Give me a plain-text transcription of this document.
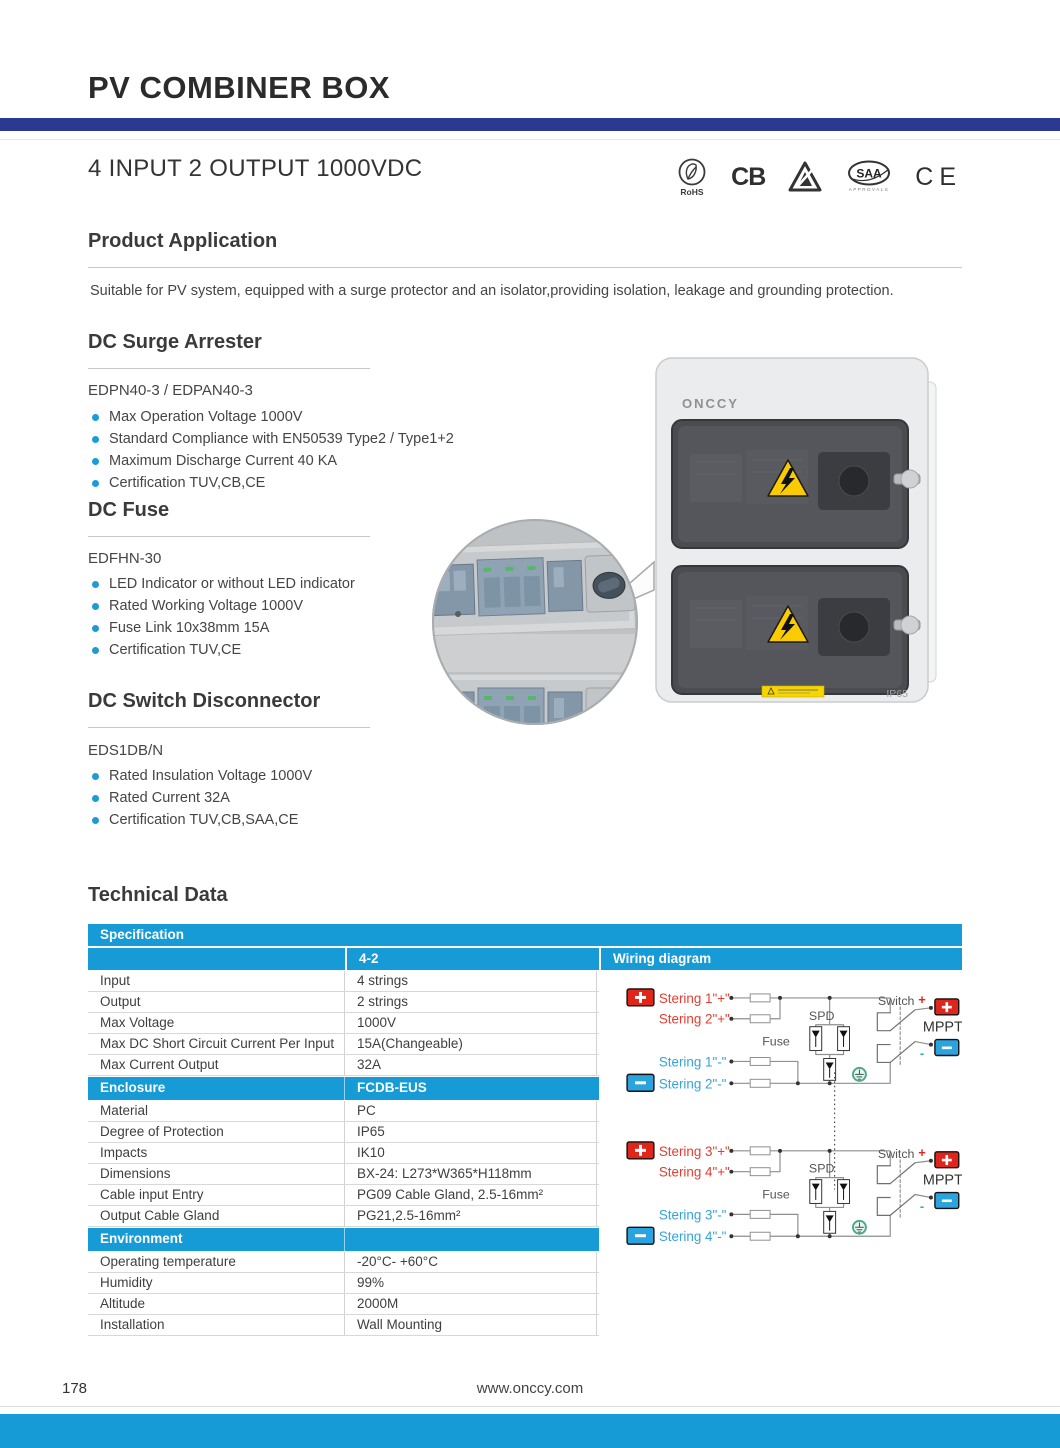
PV COMBINER BOX
4 INPUT 2 OUTPUT 1000VDC
RoHS
CB	SAA
APPROVALS CE
Product Application
Suitable for PV system, equipped with a surge protector and an isolator,providing isolation, leakage and grounding protection.
DC Surge Arrester
EDPN40-3 / EDPAN40-3
Max Operation Voltage 1000V
Standard Compliance with EN50539 Type2 / Type1+2
Maximum Discharge Current 40 KA
Certification TUV,CB,CE
DC Fuse
EDFHN-30
LED Indicator or without LED indicator
Rated Working Voltage 1000V
Fuse Link 10x38mm 15A
Certification TUV,CE
DC Switch Disconnector
EDS1DB/N
Rated Insulation Voltage 1000V
Rated Current 32A
Certification TUV,CB,SAA,CE
ONCCY
IP65
Technical Data
Specification
4-2	Wiring diagram
Input	4 strings
Output	2 strings
Max Voltage	1000V
Max DC Short Circuit Current Per Input	15A(Changeable)
Max Current Output	32A
Enclosure	FCDB-EUS
Material	PC
Degree of Protection	IP65
Impacts	IK10
Dimensions	BX-24: L273*W365*H118mm
Cable input Entry	PG09 Cable Gland, 2.5-16mm²
Output Cable Gland	PG21,2.5-16mm²
Environment
Operating temperature	-20°C- +60°C
Humidity	99%
Altitude	2000M
Installation	Wall Mounting
Stering 1"+"
Stering 2"+"
Stering 1"-"
Stering 2"-"
Stering 3"+"
Stering 4"+"
Stering 3"-"
Stering 4"-"
178	www.onccy.com
